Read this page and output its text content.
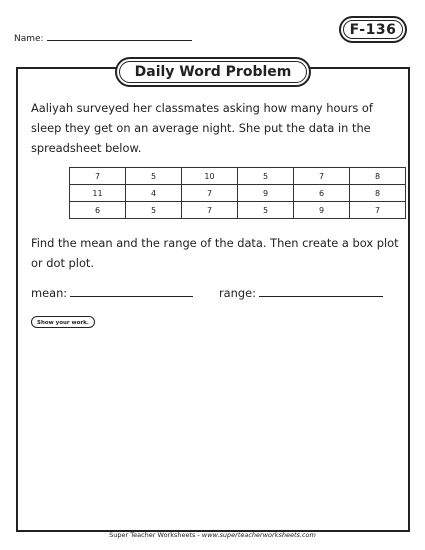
Name:
F-136
Daily Word Problem
Aaliyah surveyed her classmates asking how many hours of sleep they get on an average night. She put the data in the spreadsheet below.
7	5	10	5	7	8
11	4	7	9	6	8
6	5	7	5	9	7
Find the mean and the range of the data. Then create a box plot or dot plot.
mean:	range:
Show your work.
Super Teacher Worksheets - www.superteacherworksheets.com
